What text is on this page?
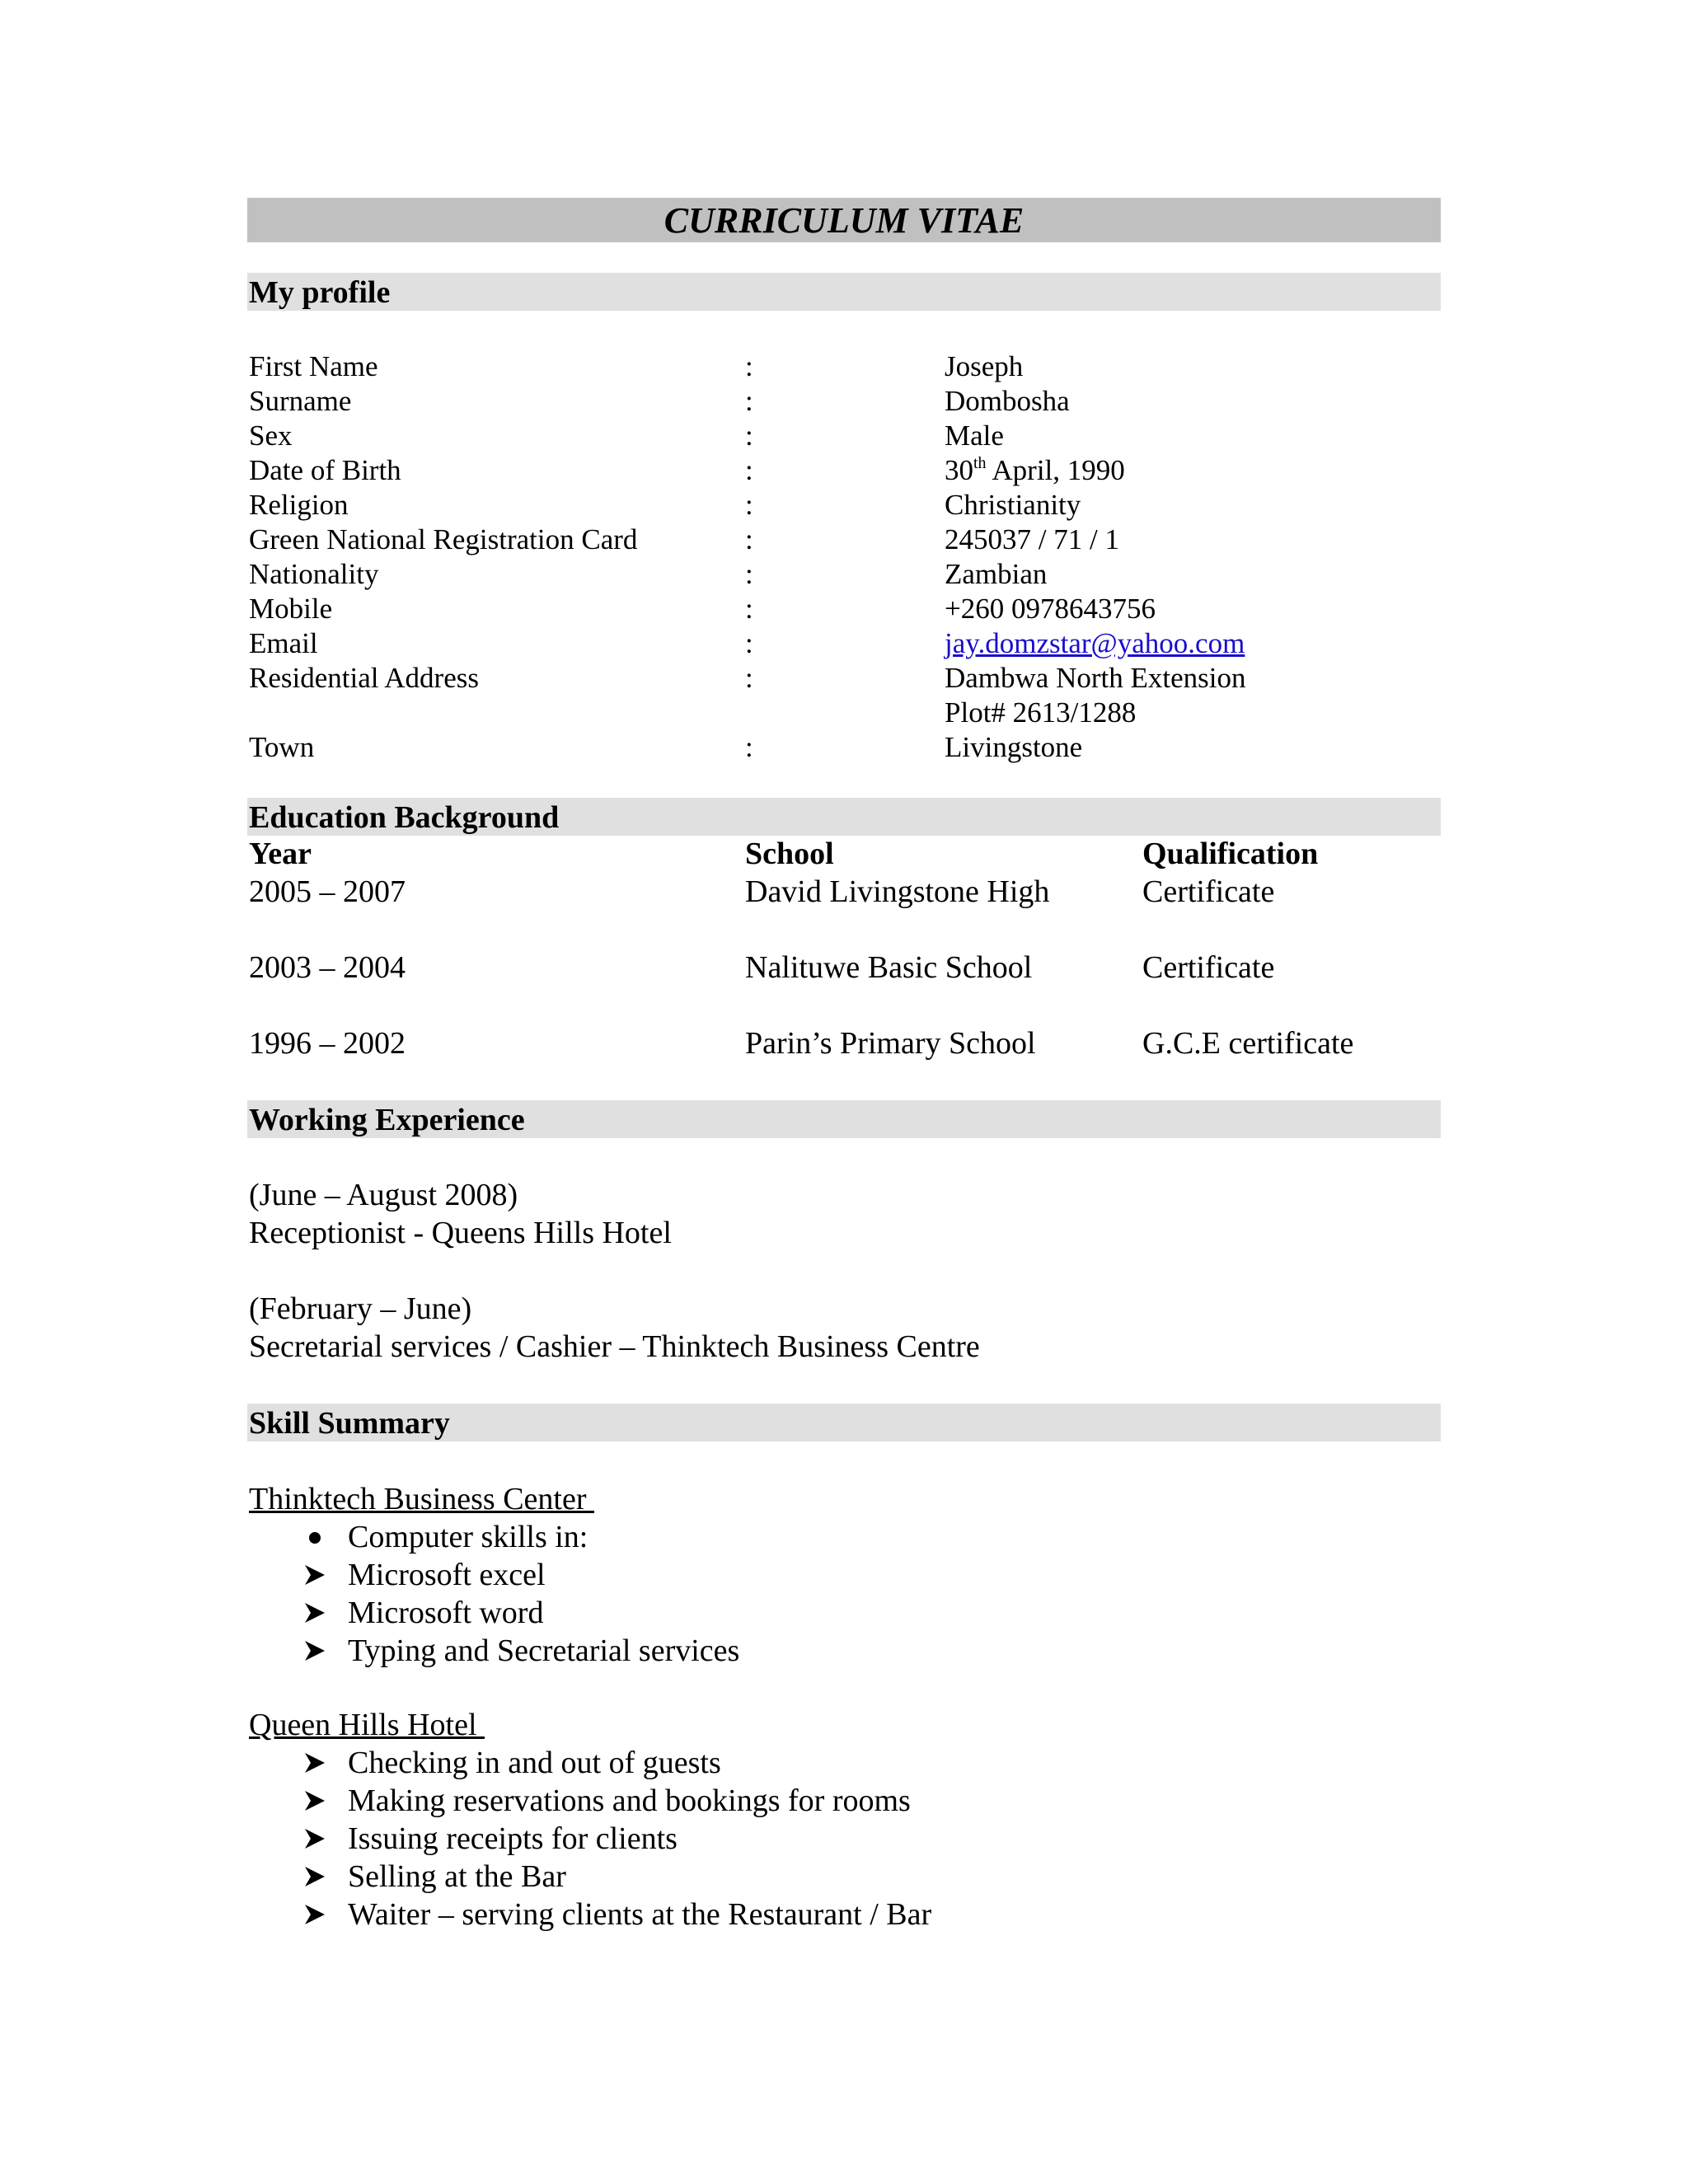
CURRICULUM VITAE
My profile
First Name	:	Joseph
Surname	:	Dombosha
Sex	:	Male
Date of Birth	:	30th April, 1990
Religion	:	Christianity
Green National Registration Card	:	245037 / 71 / 1
Nationality	:	Zambian
Mobile	:	+260 0978643756
Email	:	jay.domzstar@yahoo.com
Residential Address	:	Dambwa North Extension
Plot# 2613/1288
Town	:	Livingstone
Education Background
Year	School	Qualification
2005 – 2007	David Livingstone High	Certificate
2003 – 2004	Nalituwe Basic School	Certificate
1996 – 2002	Parin’s Primary School	G.C.E certificate
Working Experience
(June – August 2008)
Receptionist - Queens Hills Hotel
(February – June)
Secretarial services / Cashier – Thinktech Business Centre
Skill Summary
Thinktech Business Center
Computer skills in:
Microsoft excel
Microsoft word
Typing and Secretarial services
Queen Hills Hotel
Checking in and out of guests
Making reservations and bookings for rooms
Issuing receipts for clients
Selling at the Bar
Waiter – serving clients at the Restaurant / Bar
